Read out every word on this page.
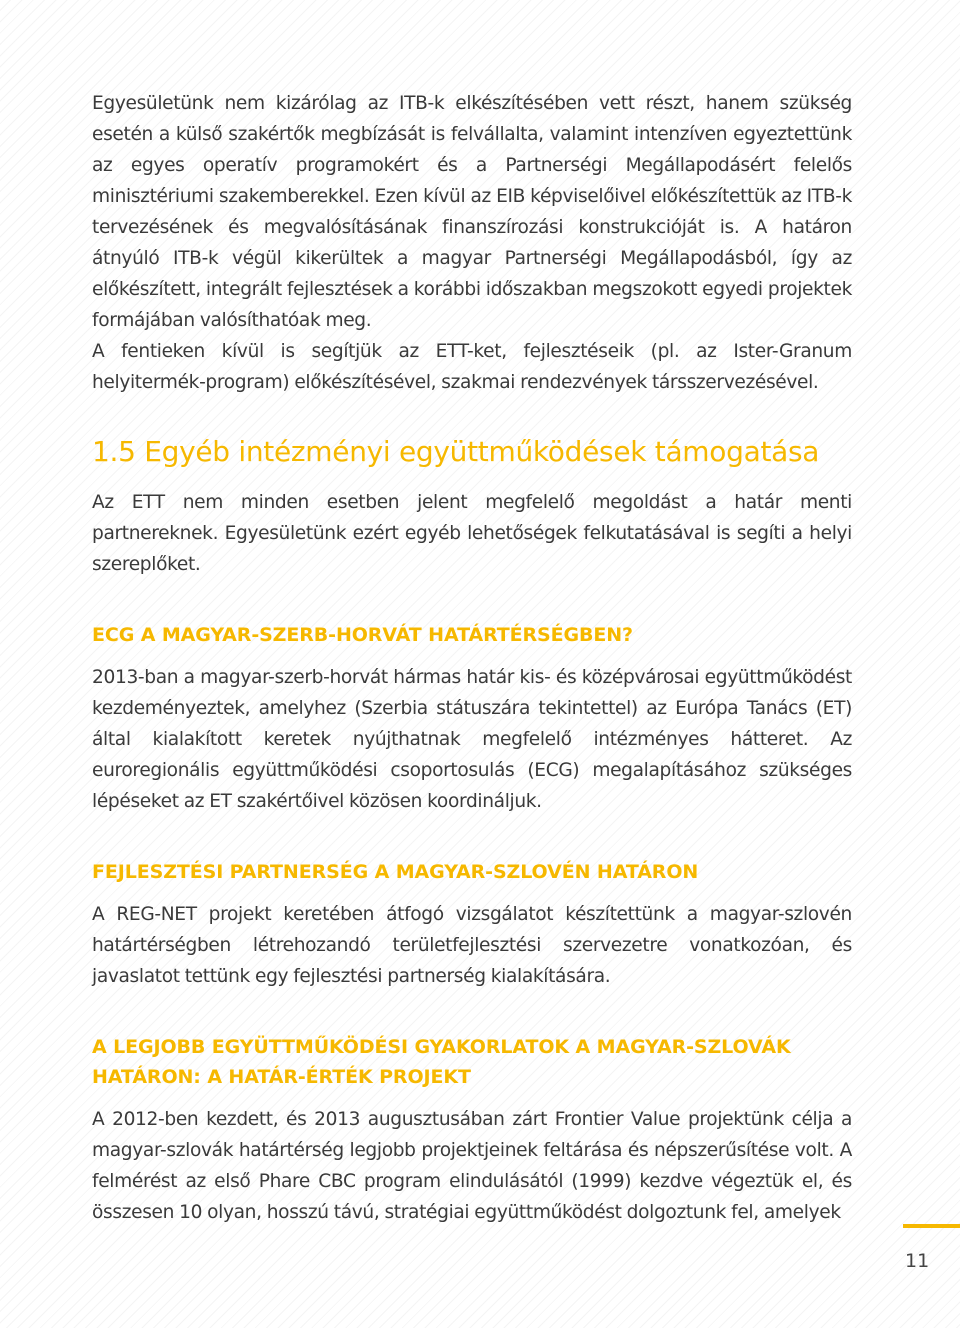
Egyesületünk nem kizárólag az ITB-k elkészítésében vett részt, hanem szükség esetén a külső szakértők megbízását is felvállalta, valamint intenzíven egyeztettünk az egyes operatív programokért és a Partnerségi Megállapodásért felelős minisztériumi szakemberekkel. Ezen kívül az EIB képviselőivel előkészítettük az ITB-k tervezésének és megvalósításának finanszírozási konstrukcióját is. A határon átnyúló ITB-k végül kikerültek a magyar Partnerségi Megállapodásból, így az előkészített, integrált fejlesztések a korábbi időszakban megszokott egyedi projektek formájában valósíthatóak meg.

A fentieken kívül is segítjük az ETT-ket, fejlesztéseik (pl. az Ister-Granum helyitermék-program) előkészítésével, szakmai rendezvények társszervezésével.

1.5 Egyéb intézményi együttműködések támogatása

Az ETT nem minden esetben jelent megfelelő megoldást a határ menti partnereknek. Egyesületünk ezért egyéb lehetőségek felkutatásával is segíti a helyi szereplőket.

ECG A MAGYAR-SZERB-HORVÁT HATÁRTÉRSÉGBEN?

2013-ban a magyar-szerb-horvát hármas határ kis- és középvárosai együttműködést kezdeményeztek, amelyhez (Szerbia státuszára tekintettel) az Európa Tanács (ET) által kialakított keretek nyújthatnak megfelelő intézményes hátteret. Az euroregionális együttműködési csoportosulás (ECG) megalapításához szükséges lépéseket az ET szakértőivel közösen koordináljuk.

FEJLESZTÉSI PARTNERSÉG A MAGYAR-SZLOVÉN HATÁRON

A REG-NET projekt keretében átfogó vizsgálatot készítettünk a magyar-szlovén határtérségben létrehozandó területfejlesztési szervezetre vonatkozóan, és javaslatot tettünk egy fejlesztési partnerség kialakítására.

A LEGJOBB EGYÜTTMŰKÖDÉSI GYAKORLATOK A MAGYAR-SZLOVÁK HATÁRON: A HATÁR-ÉRTÉK PROJEKT

A 2012-ben kezdett, és 2013 augusztusában zárt Frontier Value projektünk célja a magyar-szlovák határtérség legjobb projektjeinek feltárása és népszerűsítése volt. A felmérést az első Phare CBC program elindulásától (1999) kezdve végeztük el, és összesen 10 olyan, hosszú távú, stratégiai együttműködést dolgoztunk fel, amelyek

11
